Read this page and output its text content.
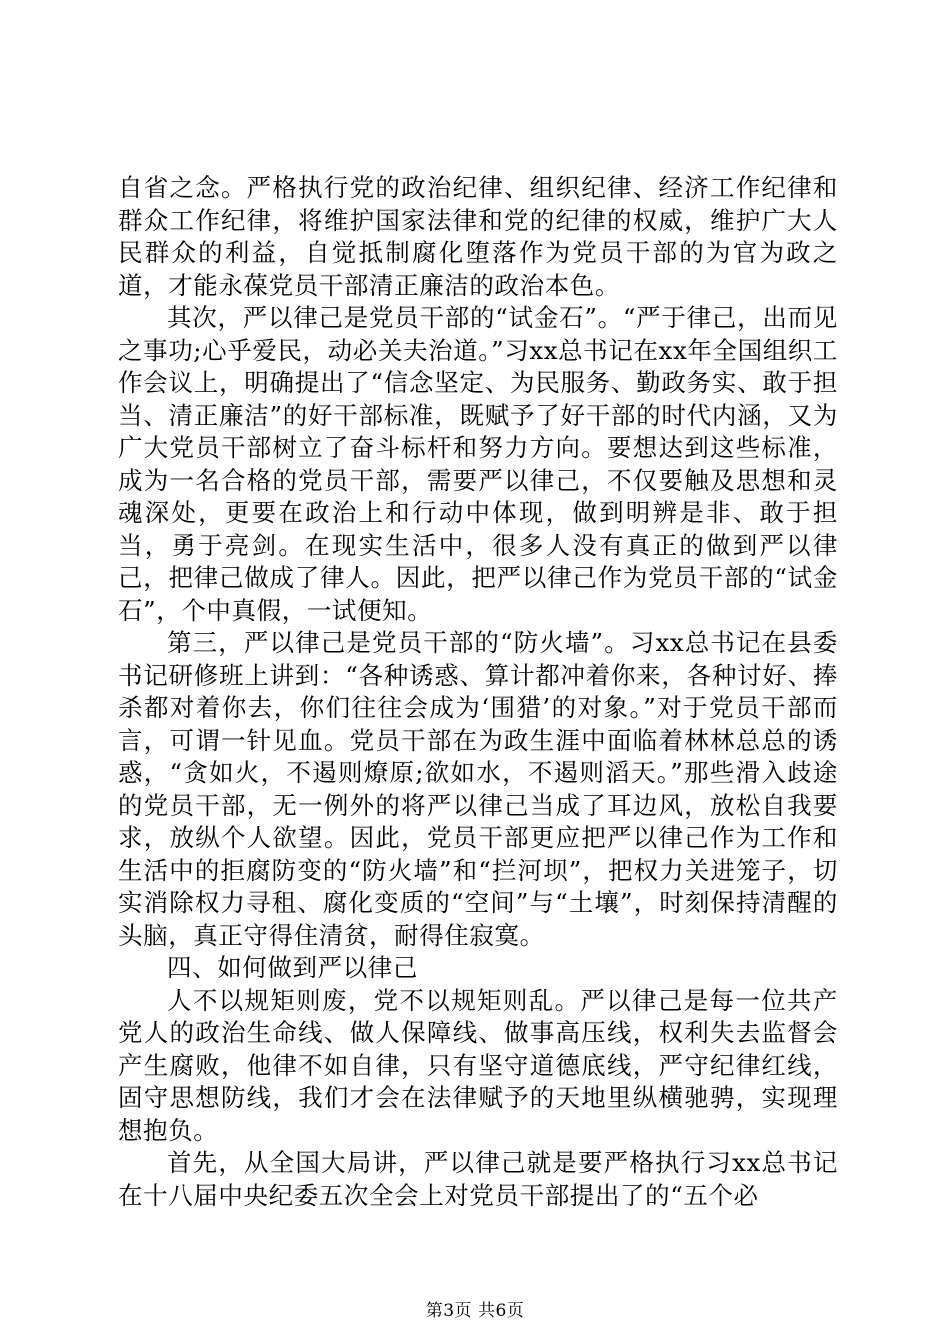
自省之念。严格执行党的政治纪律、组织纪律、经济工作纪律和群众工作纪律，将维护国家法律和党的纪律的权威，维护广大人民群众的利益，自觉抵制腐化堕落作为党员干部的为官为政之道，才能永葆党员干部清正廉洁的政治本色。

其次，严以律己是党员干部的“试金石”。“严于律己，出而见之事功;心乎爱民，动必关夫治道。”习xx总书记在xx年全国组织工作会议上，明确提出了“信念坚定、为民服务、勤政务实、敢于担当、清正廉洁”的好干部标准，既赋予了好干部的时代内涵，又为广大党员干部树立了奋斗标杆和努力方向。要想达到这些标准，成为一名合格的党员干部，需要严以律己，不仅要触及思想和灵魂深处，更要在政治上和行动中体现，做到明辨是非、敢于担当，勇于亮剑。在现实生活中，很多人没有真正的做到严以律己，把律己做成了律人。因此，把严以律己作为党员干部的“试金石”，个中真假，一试便知。

第三，严以律己是党员干部的“防火墙”。习xx总书记在县委书记研修班上讲到：“各种诱惑、算计都冲着你来，各种讨好、捧杀都对着你去，你们往往会成为‘围猎’的对象。”对于党员干部而言，可谓一针见血。党员干部在为政生涯中面临着林林总总的诱惑，“贪如火，不遏则燎原;欲如水，不遏则滔天。”那些滑入歧途的党员干部，无一例外的将严以律己当成了耳边风，放松自我要求，放纵个人欲望。因此，党员干部更应把严以律己作为工作和生活中的拒腐防变的“防火墙”和“拦河坝”，把权力关进笼子，切实消除权力寻租、腐化变质的“空间”与“土壤”，时刻保持清醒的头脑，真正守得住清贫，耐得住寂寞。

四、如何做到严以律己

人不以规矩则废，党不以规矩则乱。严以律己是每一位共产党人的政治生命线、做人保障线、做事高压线，权利失去监督会产生腐败，他律不如自律，只有坚守道德底线，严守纪律红线，固守思想防线，我们才会在法律赋予的天地里纵横驰骋，实现理想抱负。

首先，从全国大局讲，严以律己就是要严格执行习xx总书记在十八届中央纪委五次全会上对党员干部提出了的“五个必

第3页 共6页
